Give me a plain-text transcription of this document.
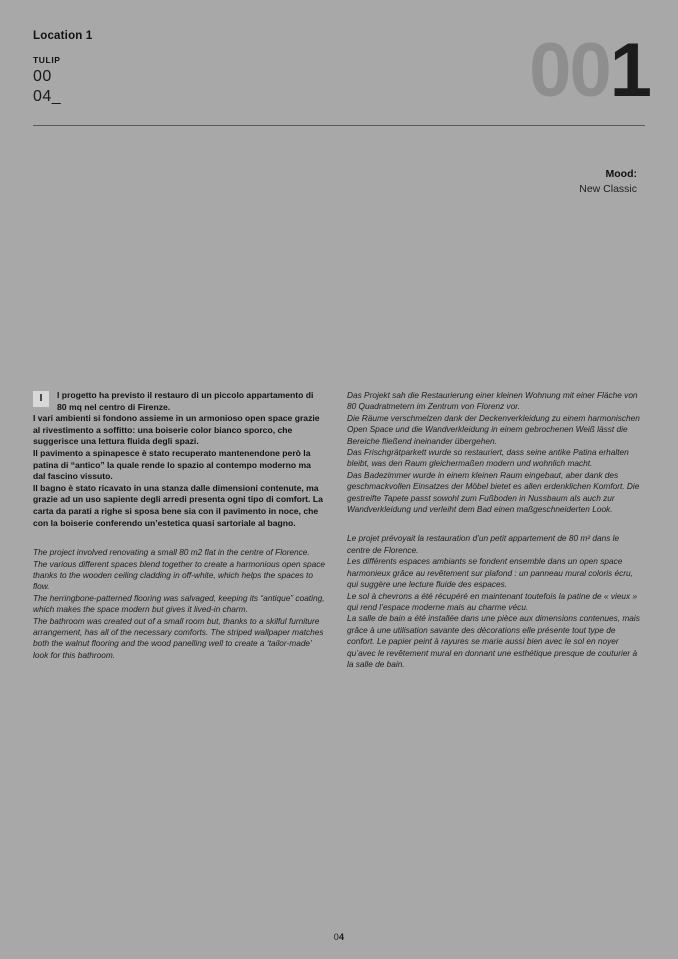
Location 1
TULIP
00
04_	001
Mood:
New Classic
I	l progetto ha previsto il restauro di un piccolo appartamento di 80 mq nel centro di Firenze.

I vari ambienti si fondono assieme in un armonioso open space grazie al rivestimento a soffitto: una boiserie color bianco sporco, che suggerisce una lettura fluida degli spazi.

Il pavimento a spinapesce è stato recuperato mantenendone però la patina di “antico” la quale rende lo spazio al contempo moderno ma dal fascino vissuto.

Il bagno è stato ricavato in una stanza dalle dimensioni contenute, ma grazie ad un uso sapiente degli arredi presenta ogni tipo di comfort. La carta da parati a righe si sposa bene sia con il pavimento in noce, che con la boiserie conferendo un’estetica quasi sartoriale al bagno.

The project involved renovating a small 80 m2 flat in the centre of Florence.

The various different spaces blend together to create a harmonious open space thanks to the wooden ceiling cladding in off-white, which helps the spaces to flow.

The herringbone-patterned flooring was salvaged, keeping its “antique” coating, which makes the space modern but gives it lived-in charm.

The bathroom was created out of a small room but, thanks to a skilful furniture arrangement, has all of the necessary comforts. The striped wallpaper matches both the walnut flooring and the wood panelling well to create a ‘tailor-made’ look for this bathroom.

Das Projekt sah die Restaurierung einer kleinen Wohnung mit einer Fläche von 80 Quadratmetern im Zentrum von Florenz vor.

Die Räume verschmelzen dank der Deckenverkleidung zu einem harmonischen Open Space und die Wandverkleidung in einem gebrochenen Weiß lässt die Bereiche fließend ineinander übergehen.

Das Frischgrätparkett wurde so restauriert, dass seine antike Patina erhalten bleibt, was den Raum gleichermaßen modern und wohnlich macht.

Das Badezimmer wurde in einem kleinen Raum eingebaut, aber dank des geschmackvollen Einsatzes der Möbel bietet es allen erdenklichen Komfort. Die gestreifte Tapete passt sowohl zum Fußboden in Nussbaum als auch zur Wandverkleidung und verleiht dem Bad einen maßgeschneiderten Look.

Le projet prévoyait la restauration d’un petit appartement de 80 m² dans le centre de Florence.

Les différents espaces ambiants se fondent ensemble dans un open space harmonieux grâce au revêtement sur plafond : un panneau mural coloris écru, qui suggère une lecture fluide des espaces.

Le sol à chevrons a été récupéré en maintenant toutefois la patine de « vieux » qui rend l’espace moderne mais au charme vécu.

La salle de bain a été installée dans une pièce aux dimensions contenues, mais grâce à une utilisation savante des décorations elle présente tout type de confort. Le papier peint à rayures se marie aussi bien avec le sol en noyer qu’avec le revêtement mural en donnant une esthétique presque de couturier à la salle de bain.

04
